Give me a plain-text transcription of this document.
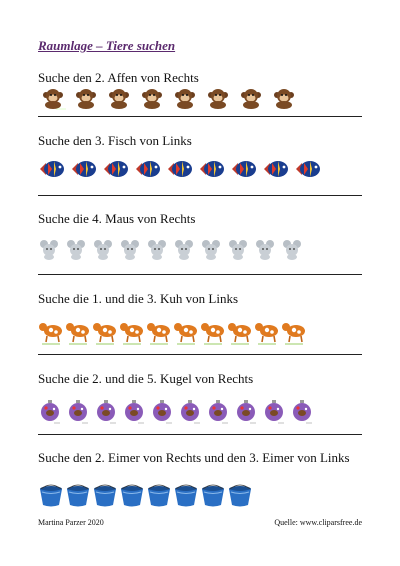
Raumlage – Tiere suchen
Suche den 2. Affen von Rechts
Suche den 3. Fisch von Links
Suche die 4. Maus von Rechts
Suche die 1. und die 3. Kuh von Links
Suche die 2. und die 5. Kugel von Rechts
Suche den 2. Eimer von Rechts und den 3. Eimer von Links
Martina Parzer 2020	Quelle: www.cliparsfree.de
